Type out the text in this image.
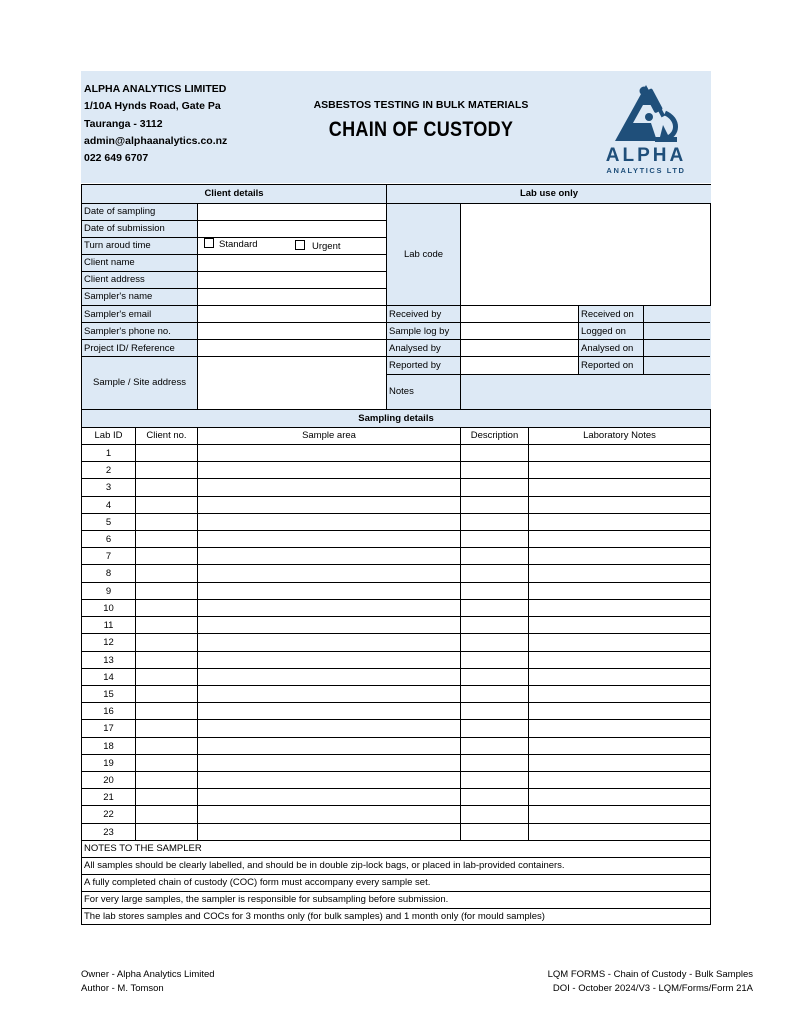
ALPHA ANALYTICS LIMITED
1/10A Hynds Road, Gate Pa
Tauranga - 3112
admin@alphaanalytics.co.nz
022 649 6707
ASBESTOS TESTING IN BULK MATERIALS
CHAIN OF CUSTODY
ALPHA
ANALYTICS LTD
Client details	Lab use only
Date of sampling
Date of submission
Turn aroud time	Standard	Urgent
Client name
Client address
Sampler's name
Sampler's email
Sampler's phone no.
Project ID/ Reference
Sample / Site address
Lab code
Received by	Received on
Sample log by	Logged on
Analysed by	Analysed on
Reported by	Reported on
Notes
Sampling details
Lab ID	Client no.	Sample area	Description	Laboratory Notes
1
2
3
4
5
6
7
8
9
10
11
12
13
14
15
16
17
18
19
20
21
22
23
NOTES TO THE SAMPLER
All samples should be clearly labelled, and should be in double zip-lock bags, or placed in lab-provided containers.
A fully completed chain of custody (COC) form must accompany every sample set.
For very large samples, the sampler is responsible for subsampling before submission.
The lab stores samples and COCs for 3 months only (for bulk samples) and 1 month only (for mould samples)
Owner - Alpha Analytics Limited
Author - M. Tomson
LQM FORMS - Chain of Custody - Bulk Samples
DOI - October 2024/V3 - LQM/Forms/Form 21A
